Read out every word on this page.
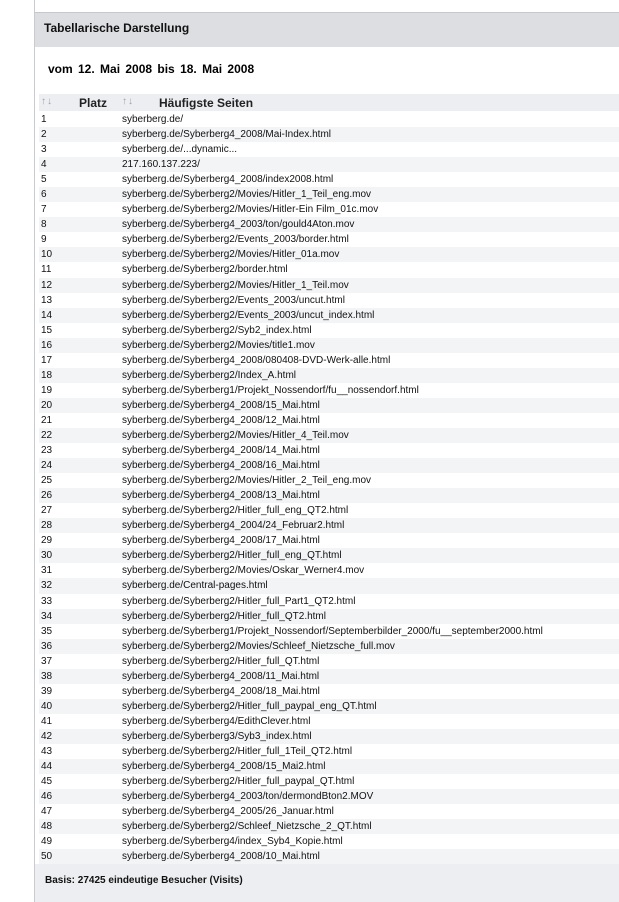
Tabellarische Darstellung
vom 12. Mai 2008 bis 18. Mai 2008
↑↓ Platz ↑↓ Häufigste Seiten
1	syberberg.de/
2	syberberg.de/Syberberg4_2008/Mai-Index.html
3	syberberg.de/...dynamic...
4	217.160.137.223/
5	syberberg.de/Syberberg4_2008/index2008.html
6	syberberg.de/Syberberg2/Movies/Hitler_1_Teil_eng.mov
7	syberberg.de/Syberberg2/Movies/Hitler-Ein Film_01c.mov
8	syberberg.de/Syberberg4_2003/ton/gould4Aton.mov
9	syberberg.de/Syberberg2/Events_2003/border.html
10	syberberg.de/Syberberg2/Movies/Hitler_01a.mov
11	syberberg.de/Syberberg2/border.html
12	syberberg.de/Syberberg2/Movies/Hitler_1_Teil.mov
13	syberberg.de/Syberberg2/Events_2003/uncut.html
14	syberberg.de/Syberberg2/Events_2003/uncut_index.html
15	syberberg.de/Syberberg2/Syb2_index.html
16	syberberg.de/Syberberg2/Movies/title1.mov
17	syberberg.de/Syberberg4_2008/080408-DVD-Werk-alle.html
18	syberberg.de/Syberberg2/Index_A.html
19	syberberg.de/Syberberg1/Projekt_Nossendorf/fu__nossendorf.html
20	syberberg.de/Syberberg4_2008/15_Mai.html
21	syberberg.de/Syberberg4_2008/12_Mai.html
22	syberberg.de/Syberberg2/Movies/Hitler_4_Teil.mov
23	syberberg.de/Syberberg4_2008/14_Mai.html
24	syberberg.de/Syberberg4_2008/16_Mai.html
25	syberberg.de/Syberberg2/Movies/Hitler_2_Teil_eng.mov
26	syberberg.de/Syberberg4_2008/13_Mai.html
27	syberberg.de/Syberberg2/Hitler_full_eng_QT2.html
28	syberberg.de/Syberberg4_2004/24_Februar2.html
29	syberberg.de/Syberberg4_2008/17_Mai.html
30	syberberg.de/Syberberg2/Hitler_full_eng_QT.html
31	syberberg.de/Syberberg2/Movies/Oskar_Werner4.mov
32	syberberg.de/Central-pages.html
33	syberberg.de/Syberberg2/Hitler_full_Part1_QT2.html
34	syberberg.de/Syberberg2/Hitler_full_QT2.html
35	syberberg.de/Syberberg1/Projekt_Nossendorf/Septemberbilder_2000/fu__september2000.html
36	syberberg.de/Syberberg2/Movies/Schleef_Nietzsche_full.mov
37	syberberg.de/Syberberg2/Hitler_full_QT.html
38	syberberg.de/Syberberg4_2008/11_Mai.html
39	syberberg.de/Syberberg4_2008/18_Mai.html
40	syberberg.de/Syberberg2/Hitler_full_paypal_eng_QT.html
41	syberberg.de/Syberberg4/EdithClever.html
42	syberberg.de/Syberberg3/Syb3_index.html
43	syberberg.de/Syberberg2/Hitler_full_1Teil_QT2.html
44	syberberg.de/Syberberg4_2008/15_Mai2.html
45	syberberg.de/Syberberg2/Hitler_full_paypal_QT.html
46	syberberg.de/Syberberg4_2003/ton/dermondBton2.MOV
47	syberberg.de/Syberberg4_2005/26_Januar.html
48	syberberg.de/Syberberg2/Schleef_Nietzsche_2_QT.html
49	syberberg.de/Syberberg4/index_Syb4_Kopie.html
50	syberberg.de/Syberberg4_2008/10_Mai.html
Basis: 27425 eindeutige Besucher (Visits)
